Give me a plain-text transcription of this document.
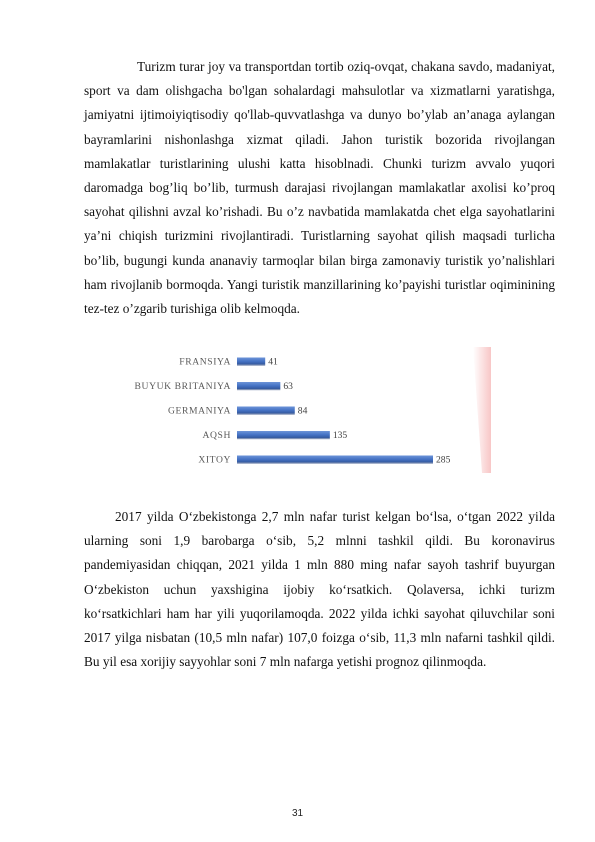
Turizm turar joy va transportdan tortib oziq-ovqat, chakana savdo, madaniyat, sport va dam olishgacha bo'lgan sohalardagi mahsulotlar va xizmatlarni yaratishga, jamiyatni ijtimoiyiqtisodiy qo'llab-quvvatlashga va dunyo bo’ylab an’anaga aylangan bayramlarini nishonlashga xizmat qiladi. Jahon turistik bozorida rivojlangan mamlakatlar turistlarining ulushi katta hisoblnadi. Chunki turizm avvalo yuqori daromadga bog’liq bo’lib, turmush darajasi rivojlangan mamlakatlar axolisi ko’proq sayohat qilishni avzal ko’rishadi. Bu o’z navbatida mamlakatda chet elga sayohatlarini ya’ni chiqish turizmini rivojlantiradi. Turistlarning sayohat qilish maqsadi turlicha bo’lib, bugungi kunda ananaviy tarmoqlar bilan birga zamonaviy turistik yo’nalishlari ham rivojlanib bormoqda. Yangi turistik manzillarining ko’payishi turistlar oqiminining tez-tez o’zgarib turishiga olib kelmoqda.
FRANSIYA	41
BUYUK BRITANIYA	63
GERMANIYA	84
AQSH	135
XITOY	285
2017 yilda O‘zbekistonga 2,7 mln nafar turist kelgan bo‘lsa, o‘tgan 2022 yilda ularning soni 1,9 barobarga o‘sib, 5,2 mlnni tashkil qildi. Bu koronavirus pandemiyasidan chiqqan, 2021 yilda 1 mln 880 ming nafar sayoh tashrif buyurgan O‘zbekiston uchun yaxshigina ijobiy ko‘rsatkich. Qolaversa, ichki turizm ko‘rsatkichlari ham har yili yuqorilamoqda. 2022 yilda ichki sayohat qiluvchilar soni 2017 yilga nisbatan (10,5 mln nafar) 107,0 foizga o‘sib, 11,3 mln nafarni tashkil qildi. Bu yil esa xorijiy sayyohlar soni 7 mln nafarga yetishi prognoz qilinmoqda.
31
